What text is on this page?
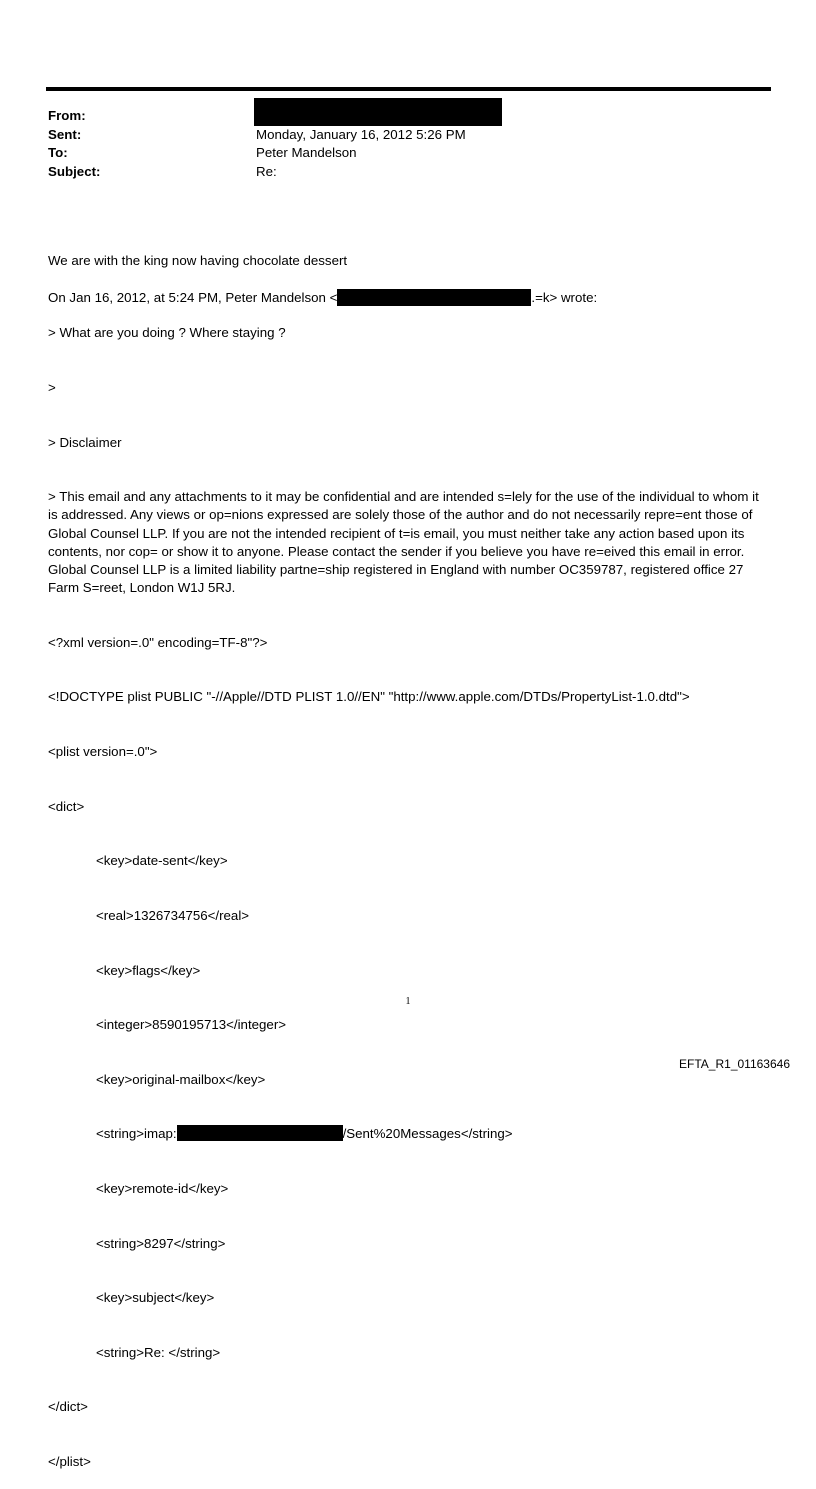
From:
Sent:	Monday, January 16, 2012 5:26 PM
To:	Peter Mandelson
Subject:	Re:

We are with the king now having chocolate dessert

On Jan 16, 2012, at 5:24 PM, Peter Mandelson <	.=k> wrote:

> What are you doing ? Where staying ?

>

> Disclaimer

> This email and any attachments to it may be confidential and are intended s=lely for the use of the individual to whom it is addressed. Any views or op=nions expressed are solely those of the author and do not necessarily repre=ent those of Global Counsel LLP. If you are not the intended recipient of t=is email, you must neither take any action based upon its contents, nor cop= or show it to anyone. Please contact the sender if you believe you have re=eived this email in error. Global Counsel LLP is a limited liability partne=ship registered in England with number OC359787, registered office 27 Farm S=reet, London W1J 5RJ.

<?xml version=.0" encoding=TF-8"?>

<!DOCTYPE plist PUBLIC "-//Apple//DTD PLIST 1.0//EN" "http://www.apple.com/DTDs/PropertyList-1.0.dtd">

<plist version=.0">

<dict>

<key>date-sent</key>

<real>1326734756</real>

<key>flags</key>

<integer>8590195713</integer>

<key>original-mailbox</key>

<string>imap:	/Sent%20Messages</string>

<key>remote-id</key>

<string>8297</string>

<key>subject</key>

<string>Re: </string>

</dict>

</plist>

1
EFTA_R1_01163646
